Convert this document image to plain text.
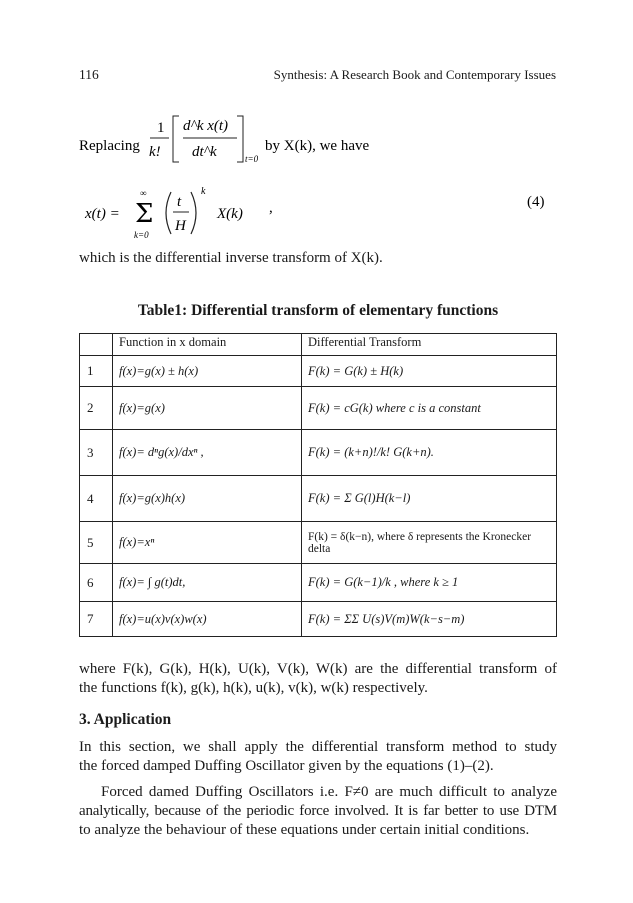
116	Synthesis: A Research Book and Contemporary Issues
Replacing
1
k!
d^k x(t)
dt^k	t=0
by X(k), we have
x(t) =
∞
Σ
k=0
t
H
k
X(k) ,	(4)
which is the differential inverse transform of X(k).
Table1: Differential transform of elementary functions
	Function in x domain	Differential Transform
1	f(x)=g(x) ± h(x)	F(k) = G(k) ± H(k)
2	f(x)=g(x)	F(k) = cG(k) where c is a constant
3	f(x)= dⁿg(x)/dxⁿ ,	F(k) = (k+n)!/k! G(k+n).
4	f(x)=g(x)h(x)	F(k) = Σ G(l)H(k−l)
5	f(x)=xⁿ	F(k) = δ(k−n), where δ represents the Kronecker delta
6	f(x)= ∫ g(t)dt,	F(k) = G(k−1)/k , where k ≥ 1
7	f(x)=u(x)v(x)w(x)	F(k) = ΣΣ U(s)V(m)W(k−s−m)
where F(k), G(k), H(k), U(k), V(k), W(k) are the differential transform of
the functions f(k), g(k), h(k), u(k), v(k), w(k) respectively.
3. Application
In this section, we shall apply the differential transform method to study
the forced damped Duffing Oscillator given by the equations (1)–(2).
Forced damed Duffing Oscillators i.e. F≠0 are much difficult to analyze
analytically, because of the periodic force involved. It is far better to use DTM
to analyze the behaviour of these equations under certain initial conditions.
